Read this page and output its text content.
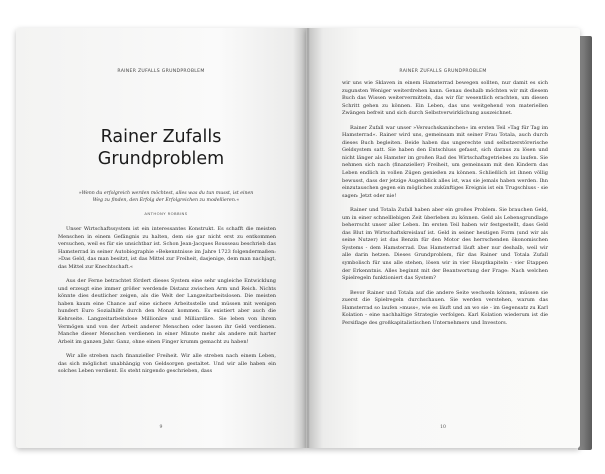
RAINER ZUFALLS GRUNDPROBLEM
Rainer Zufalls
Grundproblem
»Wenn du erfolgreich werden möchtest, alles was du tun musst, ist einen Weg zu finden, den Erfolg der Erfolgreichen zu modellieren.«
ANTHONY ROBBINS

Unser Wirtschaftssystem ist ein interessantes Konstrukt. Es schafft die meisten Menschen in einem Gefängnis zu halten, dem sie gar nicht erst zu entkommen versuchen, weil es für sie unsichtbar ist. Schon Jean-Jacques Rousseau beschrieb das Hamsterrad in seiner Autobiographie »Bekenntnisse im Jahre 1723 folgendermaßen: »Das Geld, das man besitzt, ist das Mittel zur Freiheit, dasjenige, dem man nachjagt, das Mittel zur Knechtschaft.«

Aus der Ferne betrachtet fördert dieses System eine sehr ungleiche Entwicklung und erzeugt eine immer größer werdende Distanz zwischen Arm und Reich. Nichts könnte dies deutlicher zeigen, als die Welt der Langzeitarbeitslosen. Die meisten haben kaum eine Chance auf eine sichere Arbeitsstelle und müssen mit wenigen hundert Euro Sozialhilfe durch den Monat kommen. Es existiert aber auch die Kehrseite. Langzeitarbeitslose Millionäre und Milliardäre. Sie leben von ihrem Vermögen und von der Arbeit anderer Menschen oder lassen ihr Geld verdienen. Manche dieser Menschen verdienen in einer Minute mehr als andere mit harter Arbeit im ganzen Jahr. Ganz, ohne einen Finger krumm gemacht zu haben!

Wir alle streben nach finanzieller Freiheit. Wir alle streben nach einem Leben, das sich möglichst unabhängig von Geldsorgen gestaltet. Und wir alle haben ein solches Leben verdient. Es steht nirgendo geschrieben, dass

9
RAINER ZUFALLS GRUNDPROBLEM

wir uns wie Sklaven in einem Hamsterrad bewegen sollten, nur damit es sich zugunsten Weniger weiterdrehen kann. Genau deshalb möchten wir mit diesem Buch das Wissen weitervermitteln, das wir für wesentlich erachten, um diesen Schritt gehen zu können. Ein Leben, das uns weitgehend von materiellen Zwängen befreit und sich durch Selbstverwirklichung auszeichnet.

Rainer Zufall war unser »Versuchskaninchen« im ersten Teil »Tag für Tag im Hamsterrad«. Rainer wird uns, gemeinsam mit seiner Frau Totala, auch durch dieses Buch begleiten. Beide haben das ungerechte und selbstzerstörerische Geldsystem satt. Sie haben den Entschluss gefasst, sich daraus zu lösen und nicht länger als Hamster im großen Rad des Wirtschaftsgetriebes zu laufen. Sie nehmen sich nach (finanzieller) Freiheit, um gemeinsam mit den Kindern das Leben endlich in vollen Zügen genießen zu können. Schließlich ist ihnen völlig bewusst, dass der jetzige Augenblick alles ist, was sie jemals haben werden. Ihn einzutauschen gegen ein mögliches zukünftiges Ereignis ist ein Trugschluss - sie sagen: Jetzt oder nie!

Rainer und Totala Zufall haben aber ein großes Problem. Sie brauchen Geld, um in einer schnelllebigen Zeit überleben zu können. Geld als Lebensgrundlage beherrscht unser aller Leben. Im ersten Teil haben wir festgestellt, dass Geld das Blut im Wirtschaftskreislauf ist. Geld in seiner heutigen Form (und wir als seine Nutzer) ist das Benzin für den Motor des herrschenden ökonomischen Systems - dem Hamsterrad. Das Hamsterrad läuft aber nur deshalb, weil wir alle darin hetzen. Dieses Grundproblem, für das Rainer und Totala Zufall symbolisch für uns alle stehen, lösen wir in vier Hauptkapiteln - vier Etappen der Erkenntnis. Alles beginnt mit der Beantwortung der Frage: Nach welchen Spielregeln funktioniert das System?

Bevor Rainer und Totala auf die andere Seite wechseln können, müssen sie zuerst die Spielregeln durchschauen. Sie werden verstehen, warum das Hamsterrad so laufen »muss«, wie es läuft und an wo sie - im Gegensatz zu Karl Kolation - eine nachhaltige Strategie verfolgen. Karl Kolation wiederum ist die Persiflage des großkapitalistischen Unternehmers und Investors.

10
